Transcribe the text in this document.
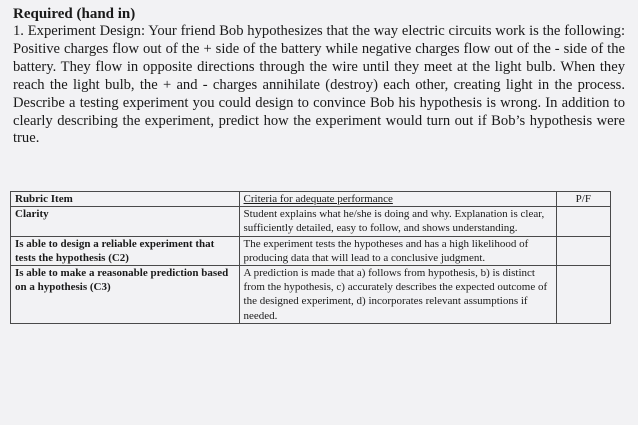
Required (hand in)
1. Experiment Design: Your friend Bob hypothesizes that the way electric circuits work is the following: Positive charges flow out of the + side of the battery while negative charges flow out of the - side of the battery. They flow in opposite directions through the wire until they meet at the light bulb. When they reach the light bulb, the + and - charges annihilate (destroy) each other, creating light in the process. Describe a testing experiment you could design to convince Bob his hypothesis is wrong. In addition to clearly describing the experiment, predict how the experiment would turn out if Bob’s hypothesis were true.
Rubric Item	Criteria for adequate performance	P/F
Clarity	Student explains what he/she is doing and why. Explanation is clear, sufficiently detailed, easy to follow, and shows understanding.	
Is able to design a reliable experiment that tests the hypothesis (C2)	The experiment tests the hypotheses and has a high likelihood of producing data that will lead to a conclusive judgment.	
Is able to make a reasonable prediction based on a hypothesis (C3)	A prediction is made that a) follows from hypothesis, b) is distinct from the hypothesis, c) accurately describes the expected outcome of the designed experiment, d) incorporates relevant assumptions if needed.	
